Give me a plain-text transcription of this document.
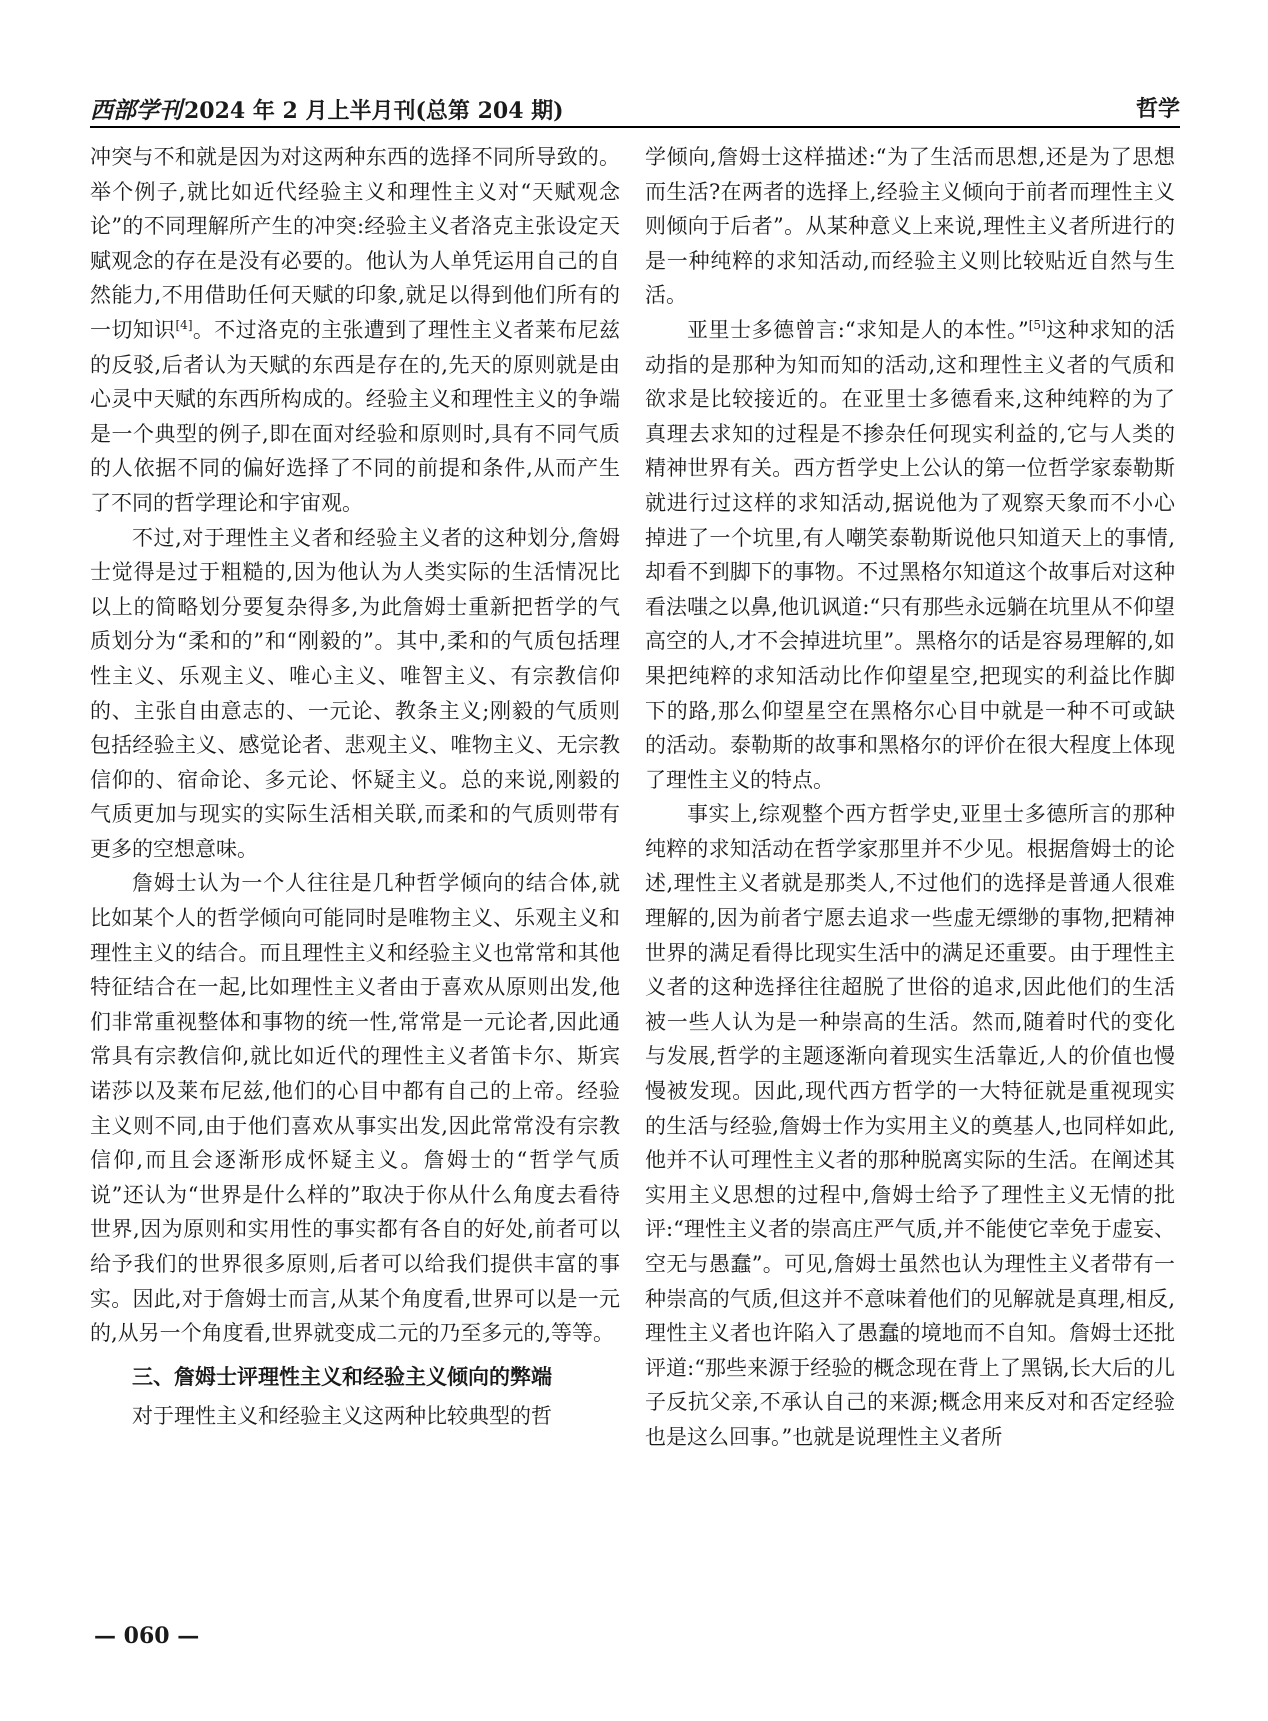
西部学刊2024 年 2 月上半月刊(总第 204 期)	哲学

冲突与不和就是因为对这两种东西的选择不同所导致的。举个例子,就比如近代经验主义和理性主义对“天赋观念论”的不同理解所产生的冲突:经验主义者洛克主张设定天赋观念的存在是没有必要的。他认为人单凭运用自己的自然能力,不用借助任何天赋的印象,就足以得到他们所有的一切知识[4]。不过洛克的主张遭到了理性主义者莱布尼兹的反驳,后者认为天赋的东西是存在的,先天的原则就是由心灵中天赋的东西所构成的。经验主义和理性主义的争端是一个典型的例子,即在面对经验和原则时,具有不同气质的人依据不同的偏好选择了不同的前提和条件,从而产生了不同的哲学理论和宇宙观。

不过,对于理性主义者和经验主义者的这种划分,詹姆士觉得是过于粗糙的,因为他认为人类实际的生活情况比以上的简略划分要复杂得多,为此詹姆士重新把哲学的气质划分为“柔和的”和“刚毅的”。其中,柔和的气质包括理性主义、乐观主义、唯心主义、唯智主义、有宗教信仰的、主张自由意志的、一元论、教条主义;刚毅的气质则包括经验主义、感觉论者、悲观主义、唯物主义、无宗教信仰的、宿命论、多元论、怀疑主义。总的来说,刚毅的气质更加与现实的实际生活相关联,而柔和的气质则带有更多的空想意味。

詹姆士认为一个人往往是几种哲学倾向的结合体,就比如某个人的哲学倾向可能同时是唯物主义、乐观主义和理性主义的结合。而且理性主义和经验主义也常常和其他特征结合在一起,比如理性主义者由于喜欢从原则出发,他们非常重视整体和事物的统一性,常常是一元论者,因此通常具有宗教信仰,就比如近代的理性主义者笛卡尔、斯宾诺莎以及莱布尼兹,他们的心目中都有自己的上帝。经验主义则不同,由于他们喜欢从事实出发,因此常常没有宗教信仰,而且会逐渐形成怀疑主义。詹姆士的“哲学气质说”还认为“世界是什么样的”取决于你从什么角度去看待世界,因为原则和实用性的事实都有各自的好处,前者可以给予我们的世界很多原则,后者可以给我们提供丰富的事实。因此,对于詹姆士而言,从某个角度看,世界可以是一元的,从另一个角度看,世界就变成二元的乃至多元的,等等。

三、詹姆士评理性主义和经验主义倾向的弊端

对于理性主义和经验主义这两种比较典型的哲

学倾向,詹姆士这样描述:“为了生活而思想,还是为了思想而生活?在两者的选择上,经验主义倾向于前者而理性主义则倾向于后者”。从某种意义上来说,理性主义者所进行的是一种纯粹的求知活动,而经验主义则比较贴近自然与生活。

亚里士多德曾言:“求知是人的本性。”[5]这种求知的活动指的是那种为知而知的活动,这和理性主义者的气质和欲求是比较接近的。在亚里士多德看来,这种纯粹的为了真理去求知的过程是不掺杂任何现实利益的,它与人类的精神世界有关。西方哲学史上公认的第一位哲学家泰勒斯就进行过这样的求知活动,据说他为了观察天象而不小心掉进了一个坑里,有人嘲笑泰勒斯说他只知道天上的事情,却看不到脚下的事物。不过黑格尔知道这个故事后对这种看法嗤之以鼻,他讥讽道:“只有那些永远躺在坑里从不仰望高空的人,才不会掉进坑里”。黑格尔的话是容易理解的,如果把纯粹的求知活动比作仰望星空,把现实的利益比作脚下的路,那么仰望星空在黑格尔心目中就是一种不可或缺的活动。泰勒斯的故事和黑格尔的评价在很大程度上体现了理性主义的特点。

事实上,综观整个西方哲学史,亚里士多德所言的那种纯粹的求知活动在哲学家那里并不少见。根据詹姆士的论述,理性主义者就是那类人,不过他们的选择是普通人很难理解的,因为前者宁愿去追求一些虚无缥缈的事物,把精神世界的满足看得比现实生活中的满足还重要。由于理性主义者的这种选择往往超脱了世俗的追求,因此他们的生活被一些人认为是一种崇高的生活。然而,随着时代的变化与发展,哲学的主题逐渐向着现实生活靠近,人的价值也慢慢被发现。因此,现代西方哲学的一大特征就是重视现实的生活与经验,詹姆士作为实用主义的奠基人,也同样如此,他并不认可理性主义者的那种脱离实际的生活。在阐述其实用主义思想的过程中,詹姆士给予了理性主义无情的批评:“理性主义者的崇高庄严气质,并不能使它幸免于虚妄、空无与愚蠢”。可见,詹姆士虽然也认为理性主义者带有一种崇高的气质,但这并不意味着他们的见解就是真理,相反,理性主义者也许陷入了愚蠢的境地而不自知。詹姆士还批评道:“那些来源于经验的概念现在背上了黑锅,长大后的儿子反抗父亲,不承认自己的来源;概念用来反对和否定经验也是这么回事。”也就是说理性主义者所

— 060 —
